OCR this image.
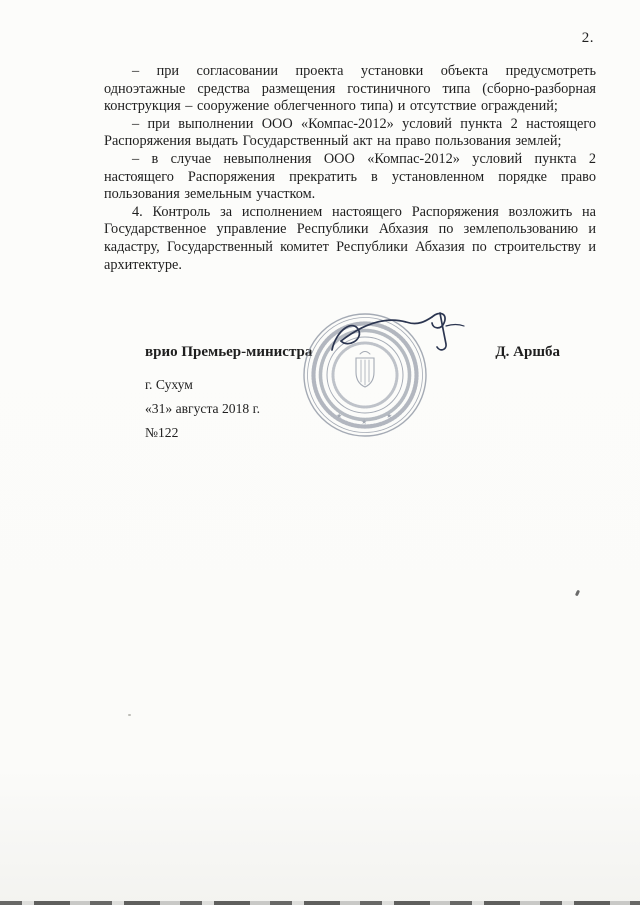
2.

– при согласовании проекта установки объекта предусмотреть одноэтажные средства размещения гостиничного типа (сборно-разборная конструкция – сооружение облегченного типа) и отсутствие ограждений;

– при выполнении ООО «Компас-2012» условий пункта 2 настоящего Распоряжения выдать Государственный акт на право пользования землей;

– в случае невыполнения ООО «Компас-2012» условий пункта 2 настоящего Распоряжения прекратить в установленном порядке право пользования земельным участком.

4. Контроль за исполнением настоящего Распоряжения возложить на Государственное управление Республики Абхазия по землепользованию и кадастру, Государственный комитет Республики Абхазия по строительству и архитектуре.

врио Премьер-министра	Д. Аршба
★
★
★
г. Сухум
«31» августа 2018 г.
№122
